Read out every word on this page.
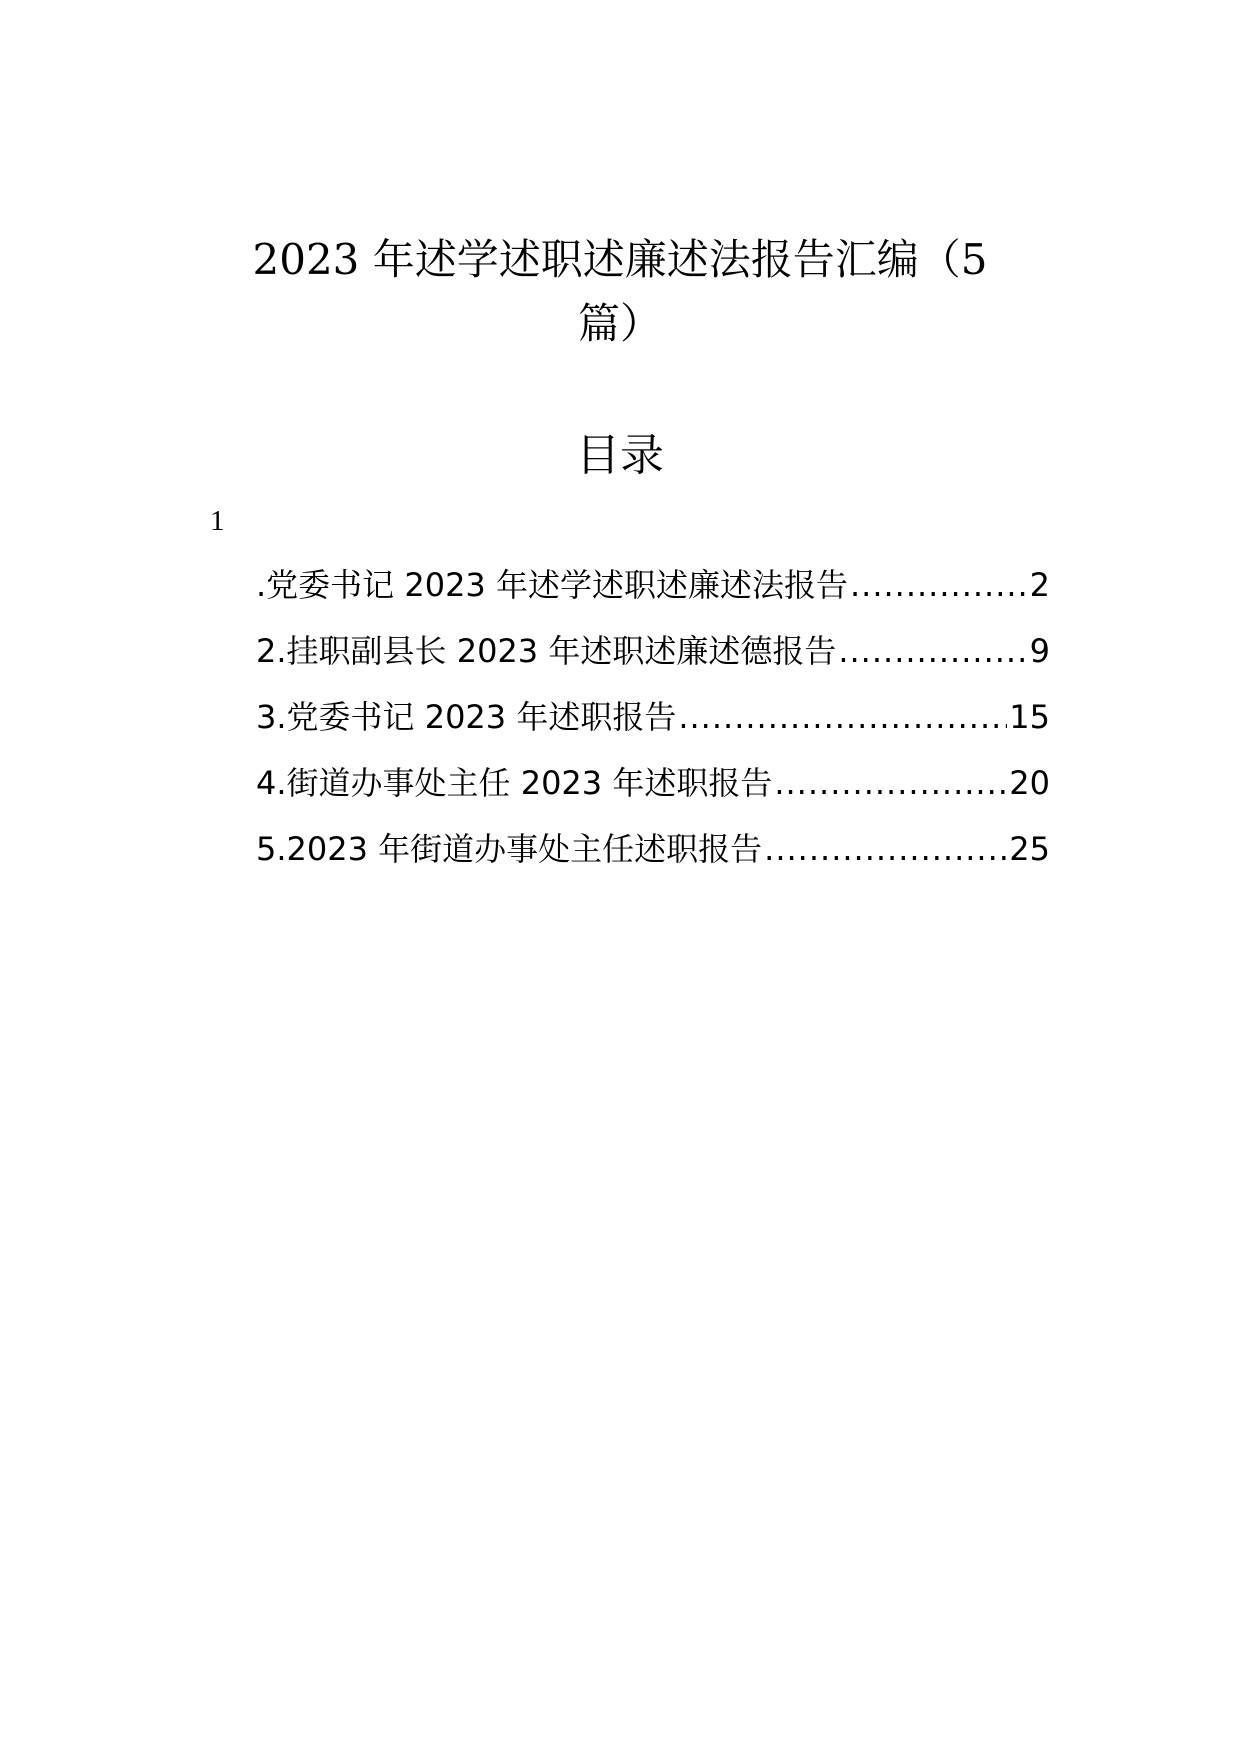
2023 年述学述职述廉述法报告汇编（5
篇）
目录
1
.党委书记 2023 年述学述职述廉述法报告 .....	2
2.挂职副县长 2023 年述职述廉述德报告 .....	9
3.党委书记 2023 年述职报告 .....	15
4.街道办事处主任 2023 年述职报告 .....	20
5.2023 年街道办事处主任述职报告 .....	25
